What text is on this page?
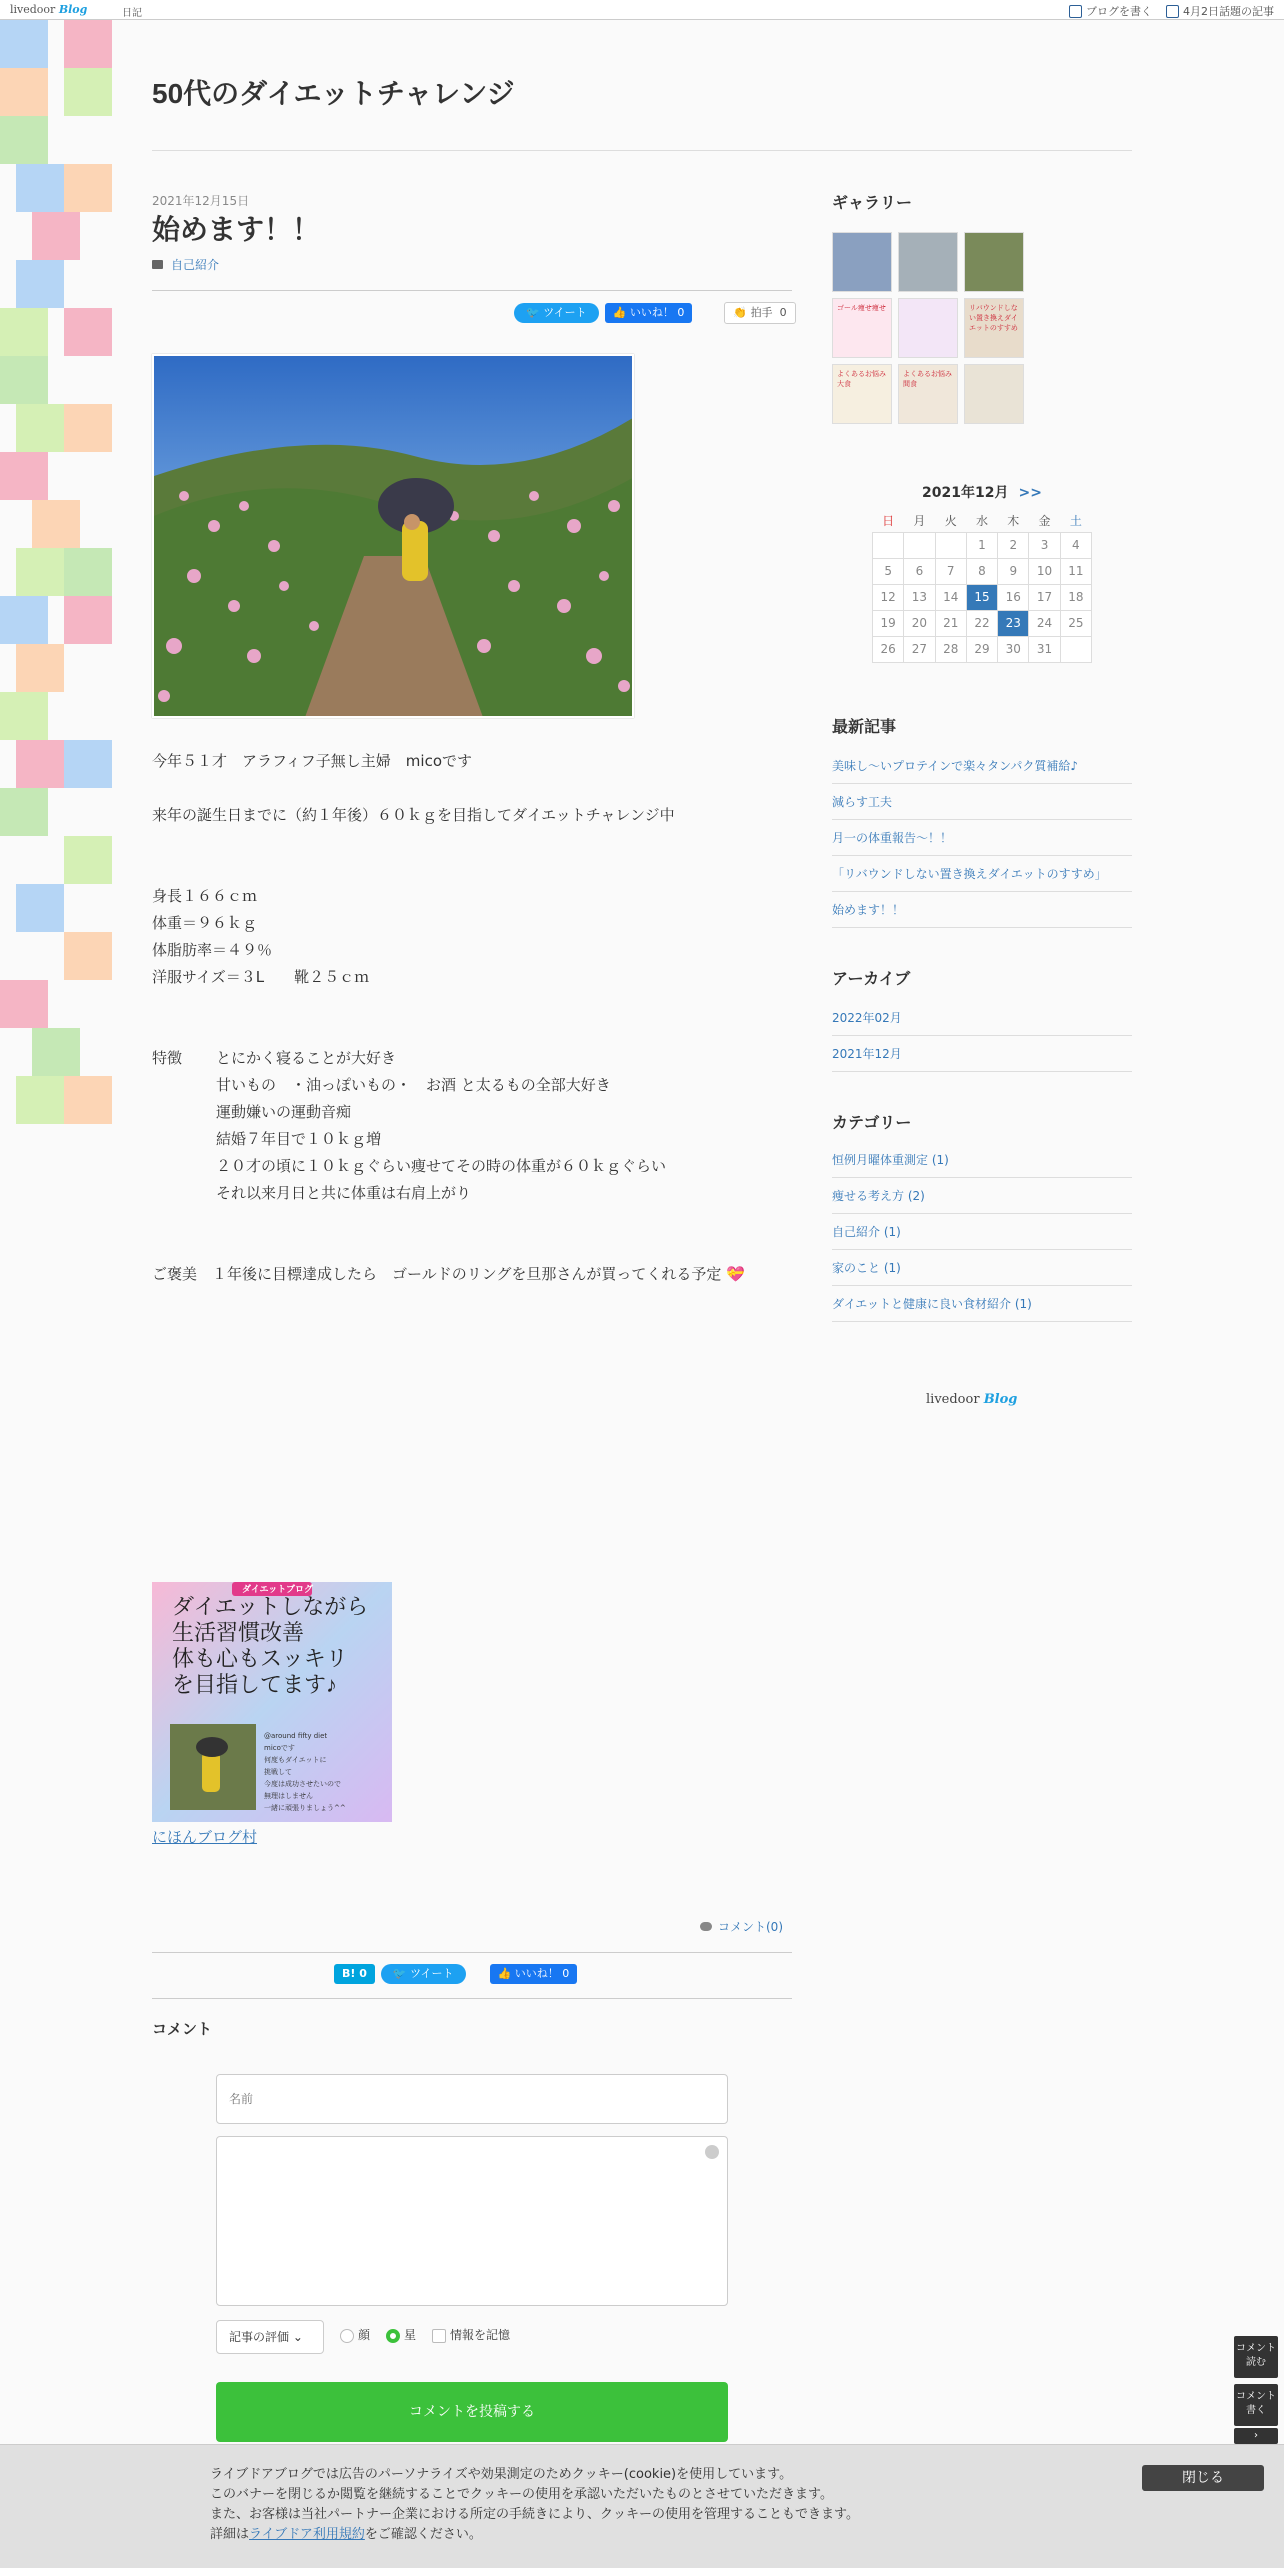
livedoor Blog	日記	ブログを書く	4月2日話題の記事
50代のダイエットチャレンジ
2021年12月15日
始めます！！
自己紹介
🐦 ツイート	👍 いいね！ 0	👏 拍手 0
今年５１才　アラフィフ子無し主婦　micoです
来年の誕生日までに（約１年後）６０ｋｇを目指してダイエットチャレンジ中
身長１６６ｃｍ
体重＝９６ｋｇ
体脂肪率＝４９％
洋服サイズ＝３L　　靴２５ｃｍ
特徴 とにかく寝ることが大好き
甘いもの　・油っぽいもの・　お酒 と太るもの全部大好き
運動嫌いの運動音痴
結婚７年目で１０ｋｇ増
２０才の頃に１０ｋｇぐらい痩せてその時の体重が６０ｋｇぐらい
それ以来月日と共に体重は右肩上がり
ご褒美　１年後に目標達成したら　ゴールドのリングを旦那さんが買ってくれる予定 💝
ダイエットブログ
ダイエットしながら
生活習慣改善
体も心もスッキリ
を目指してます♪
@around fifty diet
micoです
何度もダイエットに
挑戦して
今度は成功させたいので
無理はしません
一緒に頑張りましょう^^
にほんブログ村
コメント(0)
B! 0	🐦 ツイート	👍 いいね！ 0
コメント
名前
記事の評価 ⌄	顔	星	情報を記憶
コメントを投稿する
ギャラリー
ゴール痩せ痩せ	リバウンドしない置き換えダイエットのすすめ
よくあるお悩み大食
よくあるお悩み間食
2021年12月 >>
日	月	火	水	木	金	土
			1	2	3	4
5	6	7	8	9	10	11
12	13	14	15	16	17	18
19	20	21	22	23	24	25
26	27	28	29	30	31	
最新記事
美味し〜いプロテインで楽々タンパク質補給♪
減らす工夫
月一の体重報告〜！！
「リバウンドしない置き換えダイエットのすすめ」
始めます！！
アーカイブ
2022年02月
2021年12月
カテゴリー
恒例月曜体重測定 (1)
痩せる考え方 (2)
自己紹介 (1)
家のこと (1)
ダイエットと健康に良い食材紹介 (1)
livedoor Blog
コメント読む
コメント書く
›
ライブドアブログでは広告のパーソナライズや効果測定のためクッキー(cookie)を使用しています。
このバナーを閉じるか閲覧を継続することでクッキーの使用を承認いただいたものとさせていただきます。
また、お客様は当社パートナー企業における所定の手続きにより、クッキーの使用を管理することもできます。
詳細はライブドア利用規約をご確認ください。
閉じる
